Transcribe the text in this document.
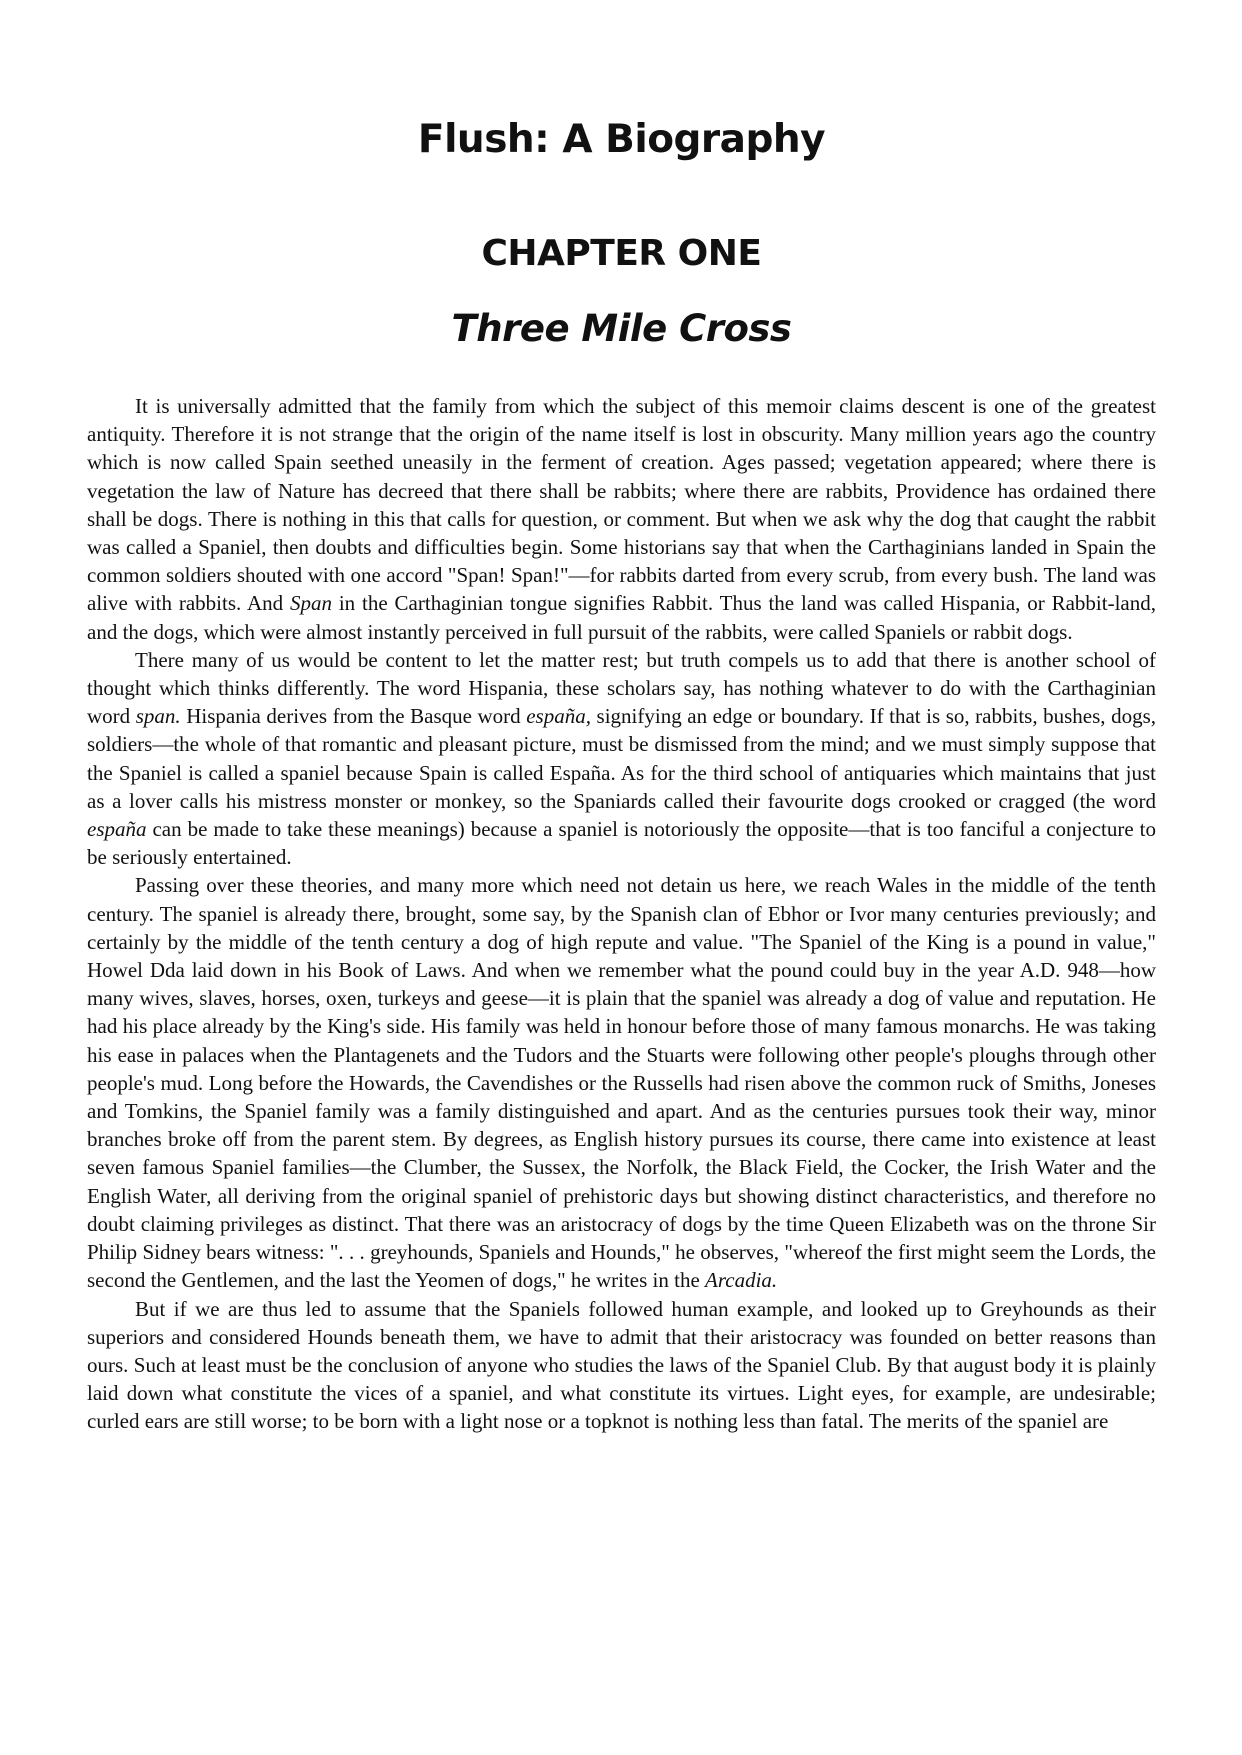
Flush: A Biography
CHAPTER ONE
Three Mile Cross

It is universally admitted that the family from which the subject of this memoir claims descent is one of the greatest antiquity. Therefore it is not strange that the origin of the name itself is lost in obscurity. Many million years ago the country which is now called Spain seethed uneasily in the ferment of creation. Ages passed; vegetation appeared; where there is vegetation the law of Nature has decreed that there shall be rabbits; where there are rabbits, Providence has ordained there shall be dogs. There is nothing in this that calls for question, or comment. But when we ask why the dog that caught the rabbit was called a Spaniel, then doubts and difficulties begin. Some historians say that when the Carthaginians landed in Spain the common soldiers shouted with one accord "Span! Span!"—for rabbits darted from every scrub, from every bush. The land was alive with rabbits. And Span in the Carthaginian tongue signifies Rabbit. Thus the land was called Hispania, or Rabbit-land, and the dogs, which were almost instantly perceived in full pursuit of the rabbits, were called Spaniels or rabbit dogs.

There many of us would be content to let the matter rest; but truth compels us to add that there is another school of thought which thinks differently. The word Hispania, these scholars say, has nothing whatever to do with the Carthaginian word span. Hispania derives from the Basque word españa, signifying an edge or boundary. If that is so, rabbits, bushes, dogs, soldiers—the whole of that romantic and pleasant picture, must be dismissed from the mind; and we must simply suppose that the Spaniel is called a spaniel because Spain is called España. As for the third school of antiquaries which maintains that just as a lover calls his mistress monster or monkey, so the Spaniards called their favourite dogs crooked or cragged (the word españa can be made to take these meanings) because a spaniel is notoriously the opposite—that is too fanciful a conjecture to be seriously entertained.

Passing over these theories, and many more which need not detain us here, we reach Wales in the middle of the tenth century. The spaniel is already there, brought, some say, by the Spanish clan of Ebhor or Ivor many centuries previously; and certainly by the middle of the tenth century a dog of high repute and value. "The Spaniel of the King is a pound in value," Howel Dda laid down in his Book of Laws. And when we remember what the pound could buy in the year A.D. 948—how many wives, slaves, horses, oxen, turkeys and geese—it is plain that the spaniel was already a dog of value and reputation. He had his place already by the King's side. His family was held in honour before those of many famous monarchs. He was taking his ease in palaces when the Plantagenets and the Tudors and the Stuarts were following other people's ploughs through other people's mud. Long before the Howards, the Cavendishes or the Russells had risen above the common ruck of Smiths, Joneses and Tomkins, the Spaniel family was a family distinguished and apart. And as the centuries pursues took their way, minor branches broke off from the parent stem. By degrees, as English history pursues its course, there came into existence at least seven famous Spaniel families—the Clumber, the Sussex, the Norfolk, the Black Field, the Cocker, the Irish Water and the English Water, all deriving from the original spaniel of prehistoric days but showing distinct characteristics, and therefore no doubt claiming privileges as distinct. That there was an aristocracy of dogs by the time Queen Elizabeth was on the throne Sir Philip Sidney bears witness: ". . . greyhounds, Spaniels and Hounds," he observes, "whereof the first might seem the Lords, the second the Gentlemen, and the last the Yeomen of dogs," he writes in the Arcadia.

But if we are thus led to assume that the Spaniels followed human example, and looked up to Greyhounds as their superiors and considered Hounds beneath them, we have to admit that their aristocracy was founded on better reasons than ours. Such at least must be the conclusion of anyone who studies the laws of the Spaniel Club. By that august body it is plainly laid down what constitute the vices of a spaniel, and what constitute its virtues. Light eyes, for example, are undesirable; curled ears are still worse; to be born with a light nose or a topknot is nothing less than fatal. The merits of the spaniel are
